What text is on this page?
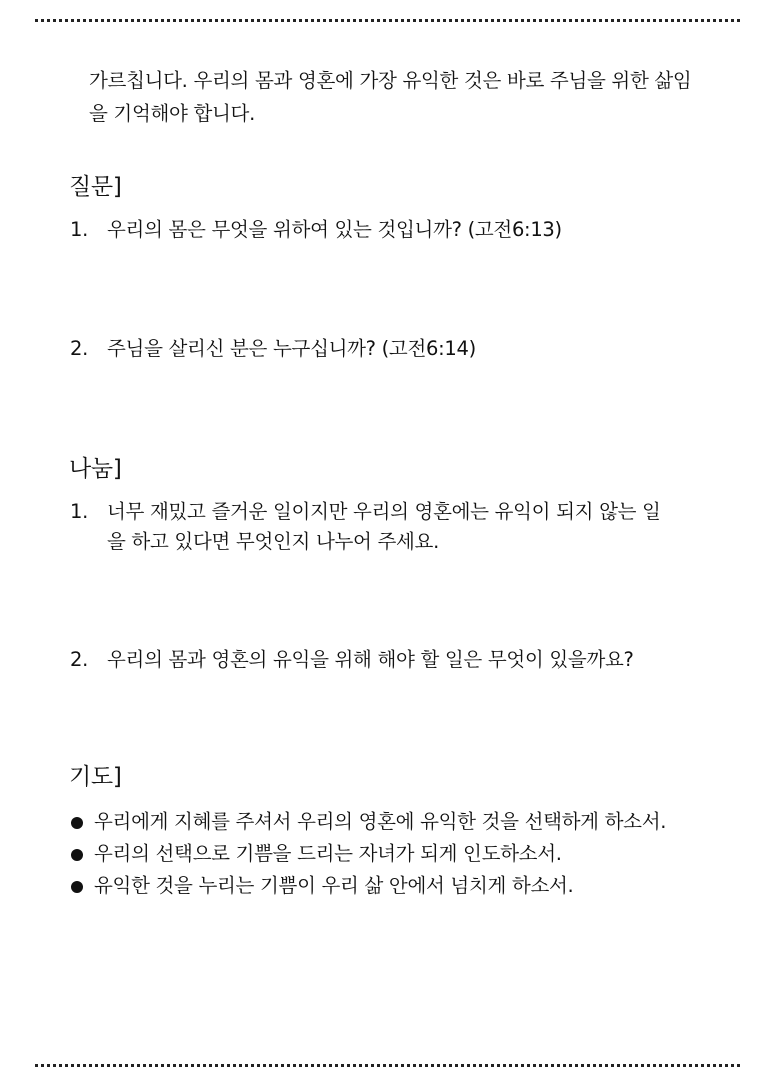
가르칩니다. 우리의 몸과 영혼에 가장 유익한 것은 바로 주님을 위한 삶임
을 기억해야 합니다.
질문]
1. 우리의 몸은 무엇을 위하여 있는 것입니까? (고전6:13)
2. 주님을 살리신 분은 누구십니까? (고전6:14)
나눔]
1. 너무 재밌고 즐거운 일이지만 우리의 영혼에는 유익이 되지 않는 일
을 하고 있다면 무엇인지 나누어 주세요.
2. 우리의 몸과 영혼의 유익을 위해 해야 할 일은 무엇이 있을까요?
기도]
우리에게 지혜를 주셔서 우리의 영혼에 유익한 것을 선택하게 하소서.
우리의 선택으로 기쁨을 드리는 자녀가 되게 인도하소서.
유익한 것을 누리는 기쁨이 우리 삶 안에서 넘치게 하소서.
